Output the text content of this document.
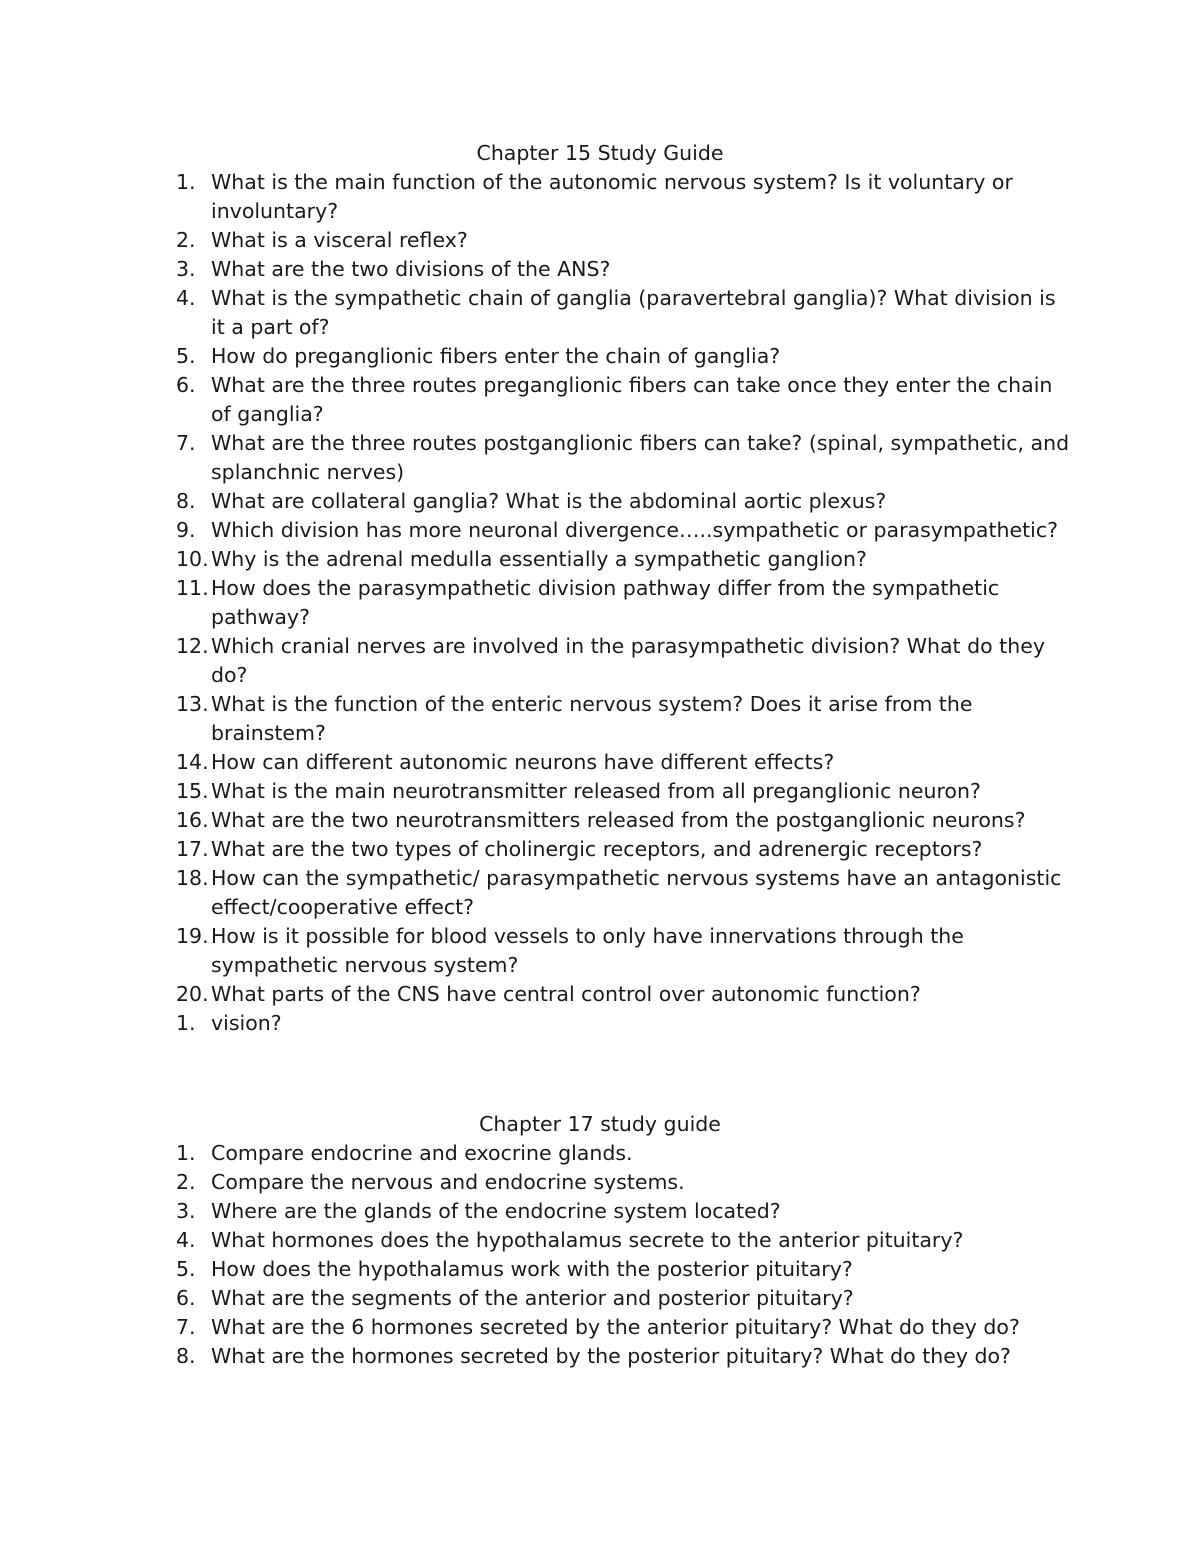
Chapter 15 Study Guide
1. What is the main function of the autonomic nervous system? Is it voluntary or involuntary?
2. What is a visceral reflex?
3. What are the two divisions of the ANS?
4. What is the sympathetic chain of ganglia (paravertebral ganglia)? What division is it a part of?
5. How do preganglionic fibers enter the chain of ganglia?
6. What are the three routes preganglionic fibers can take once they enter the chain of ganglia?
7. What are the three routes postganglionic fibers can take? (spinal, sympathetic, and splanchnic nerves)
8. What are collateral ganglia? What is the abdominal aortic plexus?
9. Which division has more neuronal divergence…..sympathetic or parasympathetic?
10. Why is the adrenal medulla essentially a sympathetic ganglion?
11. How does the parasympathetic division pathway differ from the sympathetic pathway?
12. Which cranial nerves are involved in the parasympathetic division? What do they do?
13. What is the function of the enteric nervous system? Does it arise from the brainstem?
14. How can different autonomic neurons have different effects?
15. What is the main neurotransmitter released from all preganglionic neuron?
16. What are the two neurotransmitters released from the postganglionic neurons?
17. What are the two types of cholinergic receptors, and adrenergic receptors?
18. How can the sympathetic/ parasympathetic nervous systems have an antagonistic effect/cooperative effect?
19. How is it possible for blood vessels to only have innervations through the sympathetic nervous system?
20. What parts of the CNS have central control over autonomic function?
1. vision?
Chapter 17 study guide
1. Compare endocrine and exocrine glands.
2. Compare the nervous and endocrine systems.
3. Where are the glands of the endocrine system located?
4. What hormones does the hypothalamus secrete to the anterior pituitary?
5. How does the hypothalamus work with the posterior pituitary?
6. What are the segments of the anterior and posterior pituitary?
7. What are the 6 hormones secreted by the anterior pituitary? What do they do?
8. What are the hormones secreted by the posterior pituitary? What do they do?
